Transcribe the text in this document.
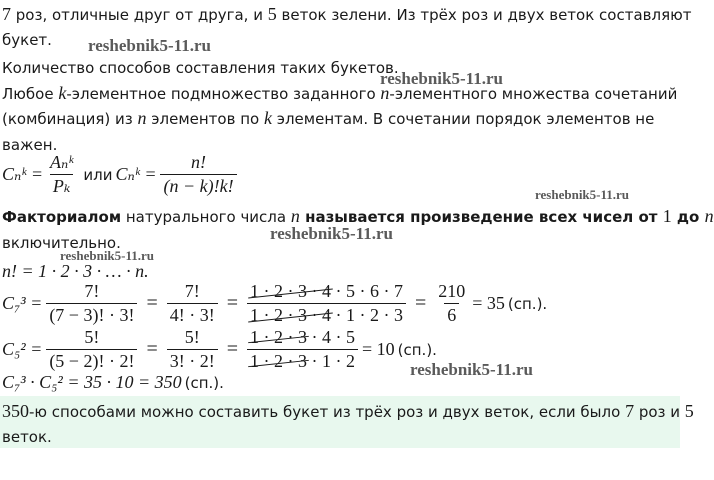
7 роз, отличные друг от друга, и 5 веток зелени. Из трёх роз и двух веток составляют
букет.
Количество способов составления таких букетов.
Любое k-элементное подмножество заданного n-элементного множества сочетаний
(комбинация) из n элементов по k элементам. В сочетании порядок элементов не
важен.
Cₙᵏ = $\frac{\text{Aₙᵏ}}{\text{Pₖ}}$ или Cₙᵏ = $\frac{n!}{(n - k)!k!}$
Факториалом натурального числа n называется произведение всех чисел от 1 до n
включительно.
n! = 1 · 2 · 3 · … · n.
$C_7^3 = \frac{7!}{(7 - 3)! \cdot 3!} = \frac{7!}{4! \cdot 3!} = \frac{1 \cdot 2 \cdot 3 \cdot 4 \cdot 5 \cdot 6 \cdot 7}{1 \cdot 2 \cdot 3 \cdot 4 \cdot 1 \cdot 2 \cdot 3} = \frac{210}{6} = 35$ (сп.).
$C_5^2 = \frac{5!}{(5 - 2)! \cdot 2!} = \frac{5!}{3! \cdot 2!} = \frac{1 \cdot 2 \cdot 3 \cdot 4 \cdot 5}{1 \cdot 2 \cdot 3 \cdot 1 \cdot 2} = 10$ (сп.).
C₇³ · C₅² = 35 · 10 = 350 (сп.).
350-ю способами можно составить букет из трёх роз и двух веток, если было 7 роз и 5
веток.
reshebnik5-11.ru
reshebnik5-11.ru
reshebnik5-11.ru
reshebnik5-11.ru
reshebnik5-11.ru
reshebnik5-11.ru
